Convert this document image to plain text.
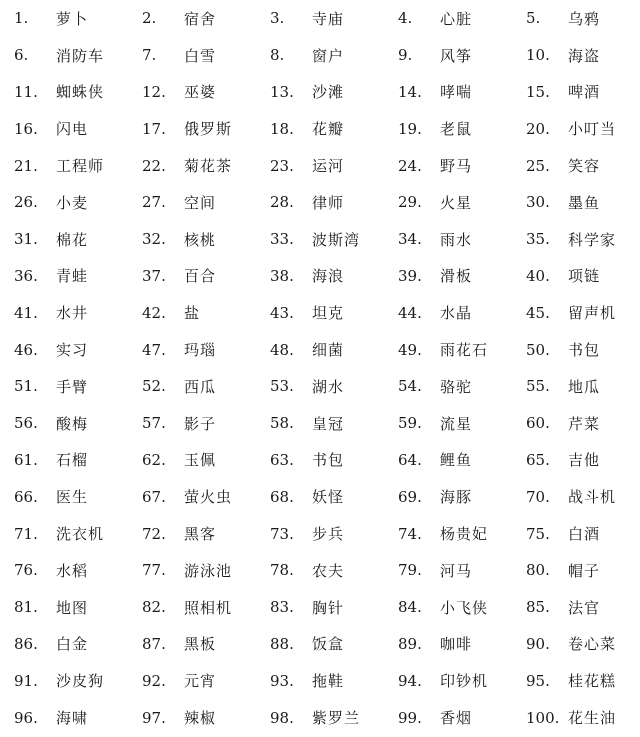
1.	萝卜	2.	宿舍	3.	寺庙	4.	心脏	5.	乌鸦
6.	消防车	7.	白雪	8.	窗户	9.	风筝	10.	海盗
11.	蜘蛛侠	12.	巫婆	13.	沙滩	14.	哮喘	15.	啤酒
16.	闪电	17.	俄罗斯	18.	花瓣	19.	老鼠	20.	小叮当
21.	工程师	22.	菊花茶	23.	运河	24.	野马	25.	笑容
26.	小麦	27.	空间	28.	律师	29.	火星	30.	墨鱼
31.	棉花	32.	核桃	33.	波斯湾	34.	雨水	35.	科学家
36.	青蛙	37.	百合	38.	海浪	39.	滑板	40.	项链
41.	水井	42.	盐	43.	坦克	44.	水晶	45.	留声机
46.	实习	47.	玛瑙	48.	细菌	49.	雨花石	50.	书包
51.	手臂	52.	西瓜	53.	湖水	54.	骆驼	55.	地瓜
56.	酸梅	57.	影子	58.	皇冠	59.	流星	60.	芹菜
61.	石榴	62.	玉佩	63.	书包	64.	鲤鱼	65.	吉他
66.	医生	67.	萤火虫	68.	妖怪	69.	海豚	70.	战斗机
71.	洗衣机	72.	黑客	73.	步兵	74.	杨贵妃	75.	白酒
76.	水稻	77.	游泳池	78.	农夫	79.	河马	80.	帽子
81.	地图	82.	照相机	83.	胸针	84.	小飞侠	85.	法官
86.	白金	87.	黑板	88.	饭盒	89.	咖啡	90.	卷心菜
91.	沙皮狗	92.	元宵	93.	拖鞋	94.	印钞机	95.	桂花糕
96.	海啸	97.	辣椒	98.	紫罗兰	99.	香烟	100. 花生油
